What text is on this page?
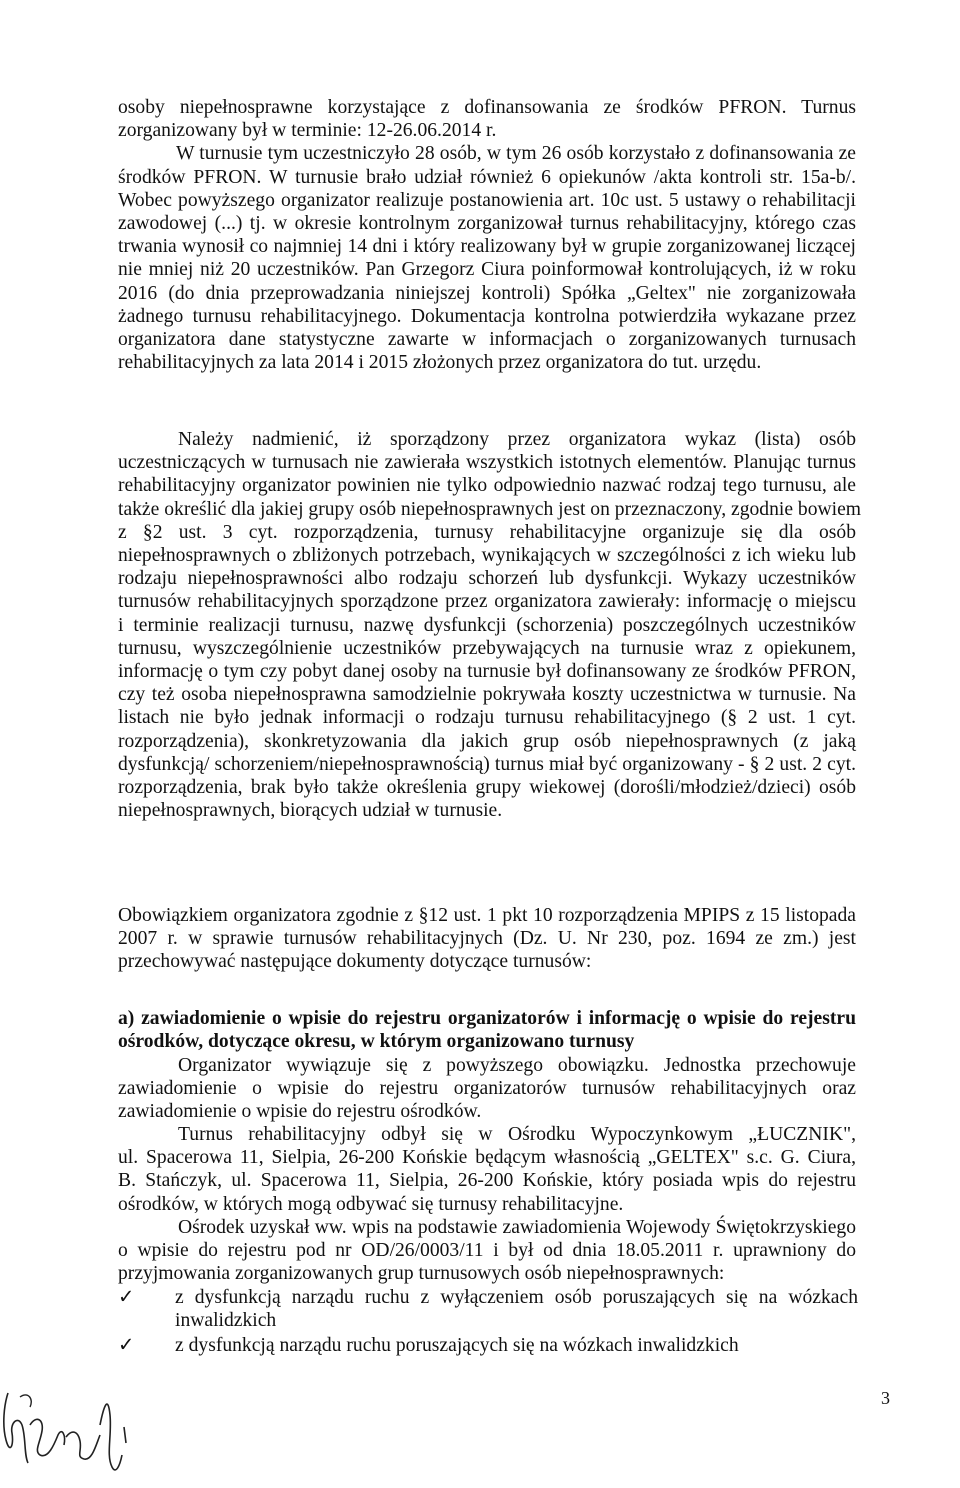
osoby niepełnosprawne korzystające z dofinansowania ze środków PFRON. Turnus
zorganizowany był w terminie: 12-26.06.2014 r.
W turnusie tym uczestniczyło 28 osób, w tym 26 osób korzystało z dofinansowania ze
środków PFRON. W turnusie brało udział również 6 opiekunów /akta kontroli str. 15a-b/.
Wobec powyższego organizator realizuje postanowienia art. 10c ust. 5 ustawy o rehabilitacji
zawodowej (...) tj. w okresie kontrolnym zorganizował turnus rehabilitacyjny, którego czas
trwania wynosił co najmniej 14 dni i który realizowany był w grupie zorganizowanej liczącej
nie mniej niż 20 uczestników. Pan Grzegorz Ciura poinformował kontrolujących, iż w roku
2016 (do dnia przeprowadzania niniejszej kontroli) Spółka „Geltex" nie zorganizowała
żadnego turnusu rehabilitacyjnego. Dokumentacja kontrolna potwierdziła wykazane przez
organizatora dane statystyczne zawarte w informacjach o zorganizowanych turnusach
rehabilitacyjnych za lata 2014 i 2015 złożonych przez organizatora do tut. urzędu.
Należy nadmienić, iż sporządzony przez organizatora wykaz (lista) osób
uczestniczących w turnusach nie zawierała wszystkich istotnych elementów. Planując turnus
rehabilitacyjny organizator powinien nie tylko odpowiednio nazwać rodzaj tego turnusu, ale
także określić dla jakiej grupy osób niepełnosprawnych jest on przeznaczony, zgodnie bowiem
z §2 ust. 3 cyt. rozporządzenia, turnusy rehabilitacyjne organizuje się dla osób
niepełnosprawnych o zbliżonych potrzebach, wynikających w szczególności z ich wieku lub
rodzaju niepełnosprawności albo rodzaju schorzeń lub dysfunkcji. Wykazy uczestników
turnusów rehabilitacyjnych sporządzone przez organizatora zawierały: informację o miejscu
i terminie realizacji turnusu, nazwę dysfunkcji (schorzenia) poszczególnych uczestników
turnusu, wyszczególnienie uczestników przebywających na turnusie wraz z opiekunem,
informację o tym czy pobyt danej osoby na turnusie był dofinansowany ze środków PFRON,
czy też osoba niepełnosprawna samodzielnie pokrywała koszty uczestnictwa w turnusie. Na
listach nie było jednak informacji o rodzaju turnusu rehabilitacyjnego (§ 2 ust. 1 cyt.
rozporządzenia), skonkretyzowania dla jakich grup osób niepełnosprawnych (z jaką
dysfunkcją/ schorzeniem/niepełnosprawnością) turnus miał być organizowany - § 2 ust. 2 cyt.
rozporządzenia, brak było także określenia grupy wiekowej (dorośli/młodzież/dzieci) osób
niepełnosprawnych, biorących udział w turnusie.
Obowiązkiem organizatora zgodnie z §12 ust. 1 pkt 10 rozporządzenia MPIPS z 15 listopada
2007 r. w sprawie turnusów rehabilitacyjnych (Dz. U. Nr 230, poz. 1694 ze zm.) jest
przechowywać następujące dokumenty dotyczące turnusów:
a) zawiadomienie o wpisie do rejestru organizatorów i informację o wpisie do rejestru
ośrodków, dotyczące okresu, w którym organizowano turnusy
Organizator wywiązuje się z powyższego obowiązku. Jednostka przechowuje
zawiadomienie o wpisie do rejestru organizatorów turnusów rehabilitacyjnych oraz
zawiadomienie o wpisie do rejestru ośrodków.
Turnus rehabilitacyjny odbył się w Ośrodku Wypoczynkowym „ŁUCZNIK",
ul. Spacerowa 11, Sielpia, 26-200 Końskie będącym własnością „GELTEX" s.c. G. Ciura,
B. Stańczyk, ul. Spacerowa 11, Sielpia, 26-200 Końskie, który posiada wpis do rejestru
ośrodków, w których mogą odbywać się turnusy rehabilitacyjne.
Ośrodek uzyskał ww. wpis na podstawie zawiadomienia Wojewody Świętokrzyskiego
o wpisie do rejestru pod nr OD/26/0003/11 i był od dnia 18.05.2011 r. uprawniony do
przyjmowania zorganizowanych grup turnusowych osób niepełnosprawnych:
✓ z dysfunkcją narządu ruchu z wyłączeniem osób poruszających się na wózkach
inwalidzkich
✓ z dysfunkcją narządu ruchu poruszających się na wózkach inwalidzkich
3
